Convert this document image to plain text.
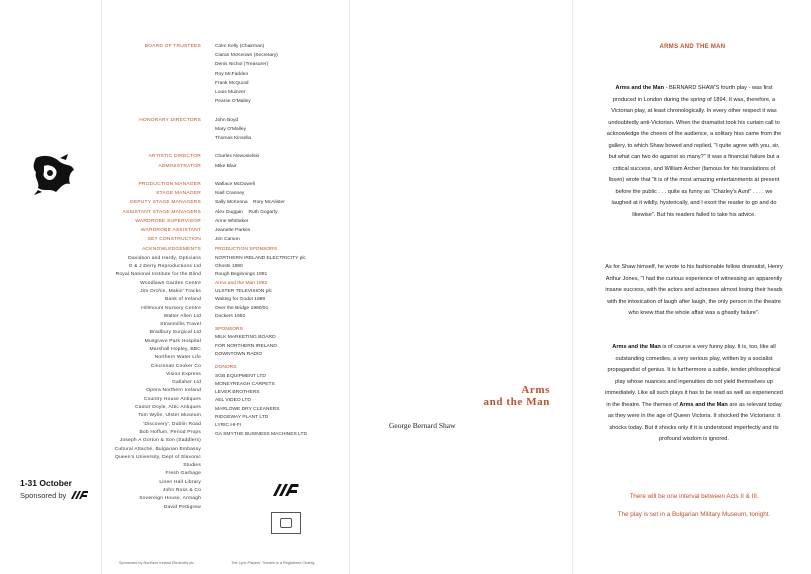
1-31 October
Sponsored by
BOARD OF TRUSTEES	Colm Kelly (Chairman)
Ciaran McKeown (Secretary)
Denis Nichol (Treasurer)
Roy McFadden
Frank McQuoid
Louis Muinzer
Pearse O'Malley
HONORARY DIRECTORS	John Boyd
Mary O'Malley
Thomas Kinsella
ARTISTIC DIRECTOR	Charles Nowosielski
ADMINISTRATOR	Mike Blair
PRODUCTION MANAGER	Wallace McDowell
STAGE MANAGER	Niall Cranney
DEPUTY STAGE MANAGERS	Sally McKenna    Rory McAlister
ASSISTANT STAGE MANAGERS	Alex Duggan    Ruth Gogarty
WARDROBE SUPERVISOR	Anne Whittaker
WARDROBE ASSISTANT	Jeanette Parkes
SET CONSTRUCTION	Jim Carson
ACKNOWLEDGEMENTS
Davidson and Hardy, Opticians
G & J Derry Reproductions Ltd
Royal National Institute for the Blind
Woodlawn Garden Centre
Jim Orchin, Makin' Tracks
Bank of Ireland
Hillmount Nursery Centre
Walter Allen Ltd
Stranmillis Travel
Bradbury Surgical Ltd
Musgrave Park Hospital
Marshall Hopley, BBC
Northern Water Life
Cincinnati Cooker Co
Vision Express
Gallaher Ltd
Opera Northern Ireland
Country House Antiques
Castor Doyle, Attic Antiques
Tom Wylie, Ulster Museum
'Discovery', Dublin Road
Bob Hoffum, Period Props
Joseph A Gorton & Son (Saddlers)
Cultural Attaché, Bulgarian Embassy
Queen's University, Dept of Slavonic Studies
Fresh Garbage
Linen Hall Library
John Ross & Co
Sovereign House, Armagh
David Pettigrew
PRODUCTION SPONSORS
NORTHERN IRELAND ELECTRICITY plc
Ghosts 1990
Rough Beginnings 1991
Arms and the Man 1992
ULSTER TELEVISION plc
Waiting for Godot 1989
Over the Bridge 1990/91
Dockers 1992
SPONSORS
MILK MARKETING BOARD
FOR NORTHERN IRELAND
DOWNTOWN RADIO
DONORS
SGB EQUIPMENT LTD
MONEYREAGH CARPETS
LEVER BROTHERS
AEL VIDEO LTD
MARLOWE DRY CLEANERS
RIDGEWAY PLANT LTD
LYRIC HI-FI
GA SMYTHE BUSINESS MACHINES LTD
Sponsored by Northern Ireland Electricity plc	The Lyric Players' Theatre is a Registered Charity.
Arms
and the Man
George Bernard Shaw
ARMS AND THE MAN
Arms and the Man - BERNARD SHAW'S fourth play - was first produced in London during the spring of 1894. It was, therefore, a Victorian play, at least chronologically. In every other respect it was undoubtedly anti-Victorian. When the dramatist took his curtain call to acknowledge the cheers of the audience, a solitary hiss came from the gallery, to which Shaw bowed and replied, "I quite agree with you, sir, but what can two do against so many?" It was a financial failure but a critical success, and William Archer (famous for his translations of Ibsen) wrote that "it is of the most amazing entertainments at present before the public . . . quite as funny as "Charley's Aunt" . . . . we laughed at it wildly, hysterically, and I exort the reader to go and do likewise". But his readers failed to take his advice.
As for Shaw himself, he wrote to his fashionable fellow dramatist, Henry Arthur Jones, "I had the curious experience of witnessing an apparently insane success, with the actors and actresses almost losing their heads with the intoxication of laugh after laugh, the only person in the theatre who knew that the whole affair was a ghastly failure".
Arms and the Man is of course a very funny play. It is, too, like all outstanding comedies, a very serious play, written by a socialist propagandist of genius. It is furthermore a subtle, tender philosophical play whose nuances and ingenuities do not yield themselves up immediately. Like all such plays it has to be read as well as experienced in the theatre. The themes of Arms and the Man are as relevant today as they were in the age of Queen Victoria. It shocked the Victorians: it shocks today. But it shocks only if it is understood imperfectly and its profound wisdom is ignored.
There will be one interval between Acts II & III.
The play is set in a Bulgarian Military Museum, tonight.
